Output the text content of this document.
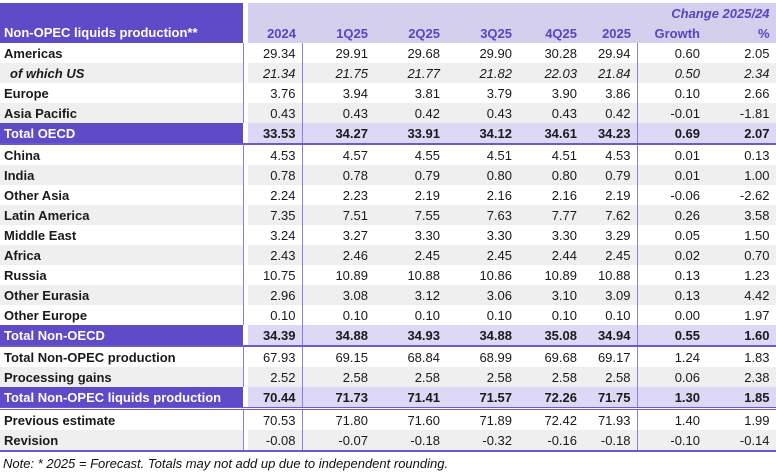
Non-OPEC liquids production**		Change 2025/24							
		2024	1Q25	2Q25	3Q25	4Q25	2025	Growth	%
Americas		29.34	29.91	29.68	29.90	30.28	29.94	0.60	2.05
of which US		21.34	21.75	21.77	21.82	22.03	21.84	0.50	2.34
Europe		3.76	3.94	3.81	3.79	3.90	3.86	0.10	2.66
Asia Pacific		0.43	0.43	0.42	0.43	0.43	0.42	-0.01	-1.81
Total OECD		33.53	34.27	33.91	34.12	34.61	34.23	0.69	2.07
China		4.53	4.57	4.55	4.51	4.51	4.53	0.01	0.13
India		0.78	0.78	0.79	0.80	0.80	0.79	0.01	1.00
Other Asia		2.24	2.23	2.19	2.16	2.16	2.19	-0.06	-2.62
Latin America		7.35	7.51	7.55	7.63	7.77	7.62	0.26	3.58
Middle East		3.24	3.27	3.30	3.30	3.30	3.29	0.05	1.50
Africa		2.43	2.46	2.45	2.45	2.44	2.45	0.02	0.70
Russia		10.75	10.89	10.88	10.86	10.89	10.88	0.13	1.23
Other Eurasia		2.96	3.08	3.12	3.06	3.10	3.09	0.13	4.42
Other Europe		0.10	0.10	0.10	0.10	0.10	0.10	0.00	1.97
Total Non-OECD		34.39	34.88	34.93	34.88	35.08	34.94	0.55	1.60
Total Non-OPEC production		67.93	69.15	68.84	68.99	69.68	69.17	1.24	1.83
Processing gains		2.52	2.58	2.58	2.58	2.58	2.58	0.06	2.38
Total Non-OPEC liquids production		70.44	71.73	71.41	71.57	72.26	71.75	1.30	1.85
Previous estimate		70.53	71.80	71.60	71.89	72.42	71.93	1.40	1.99
Revision		-0.08	-0.07	-0.18	-0.32	-0.16	-0.18	-0.10	-0.14
Note: * 2025 = Forecast. Totals may not add up due to independent rounding.
